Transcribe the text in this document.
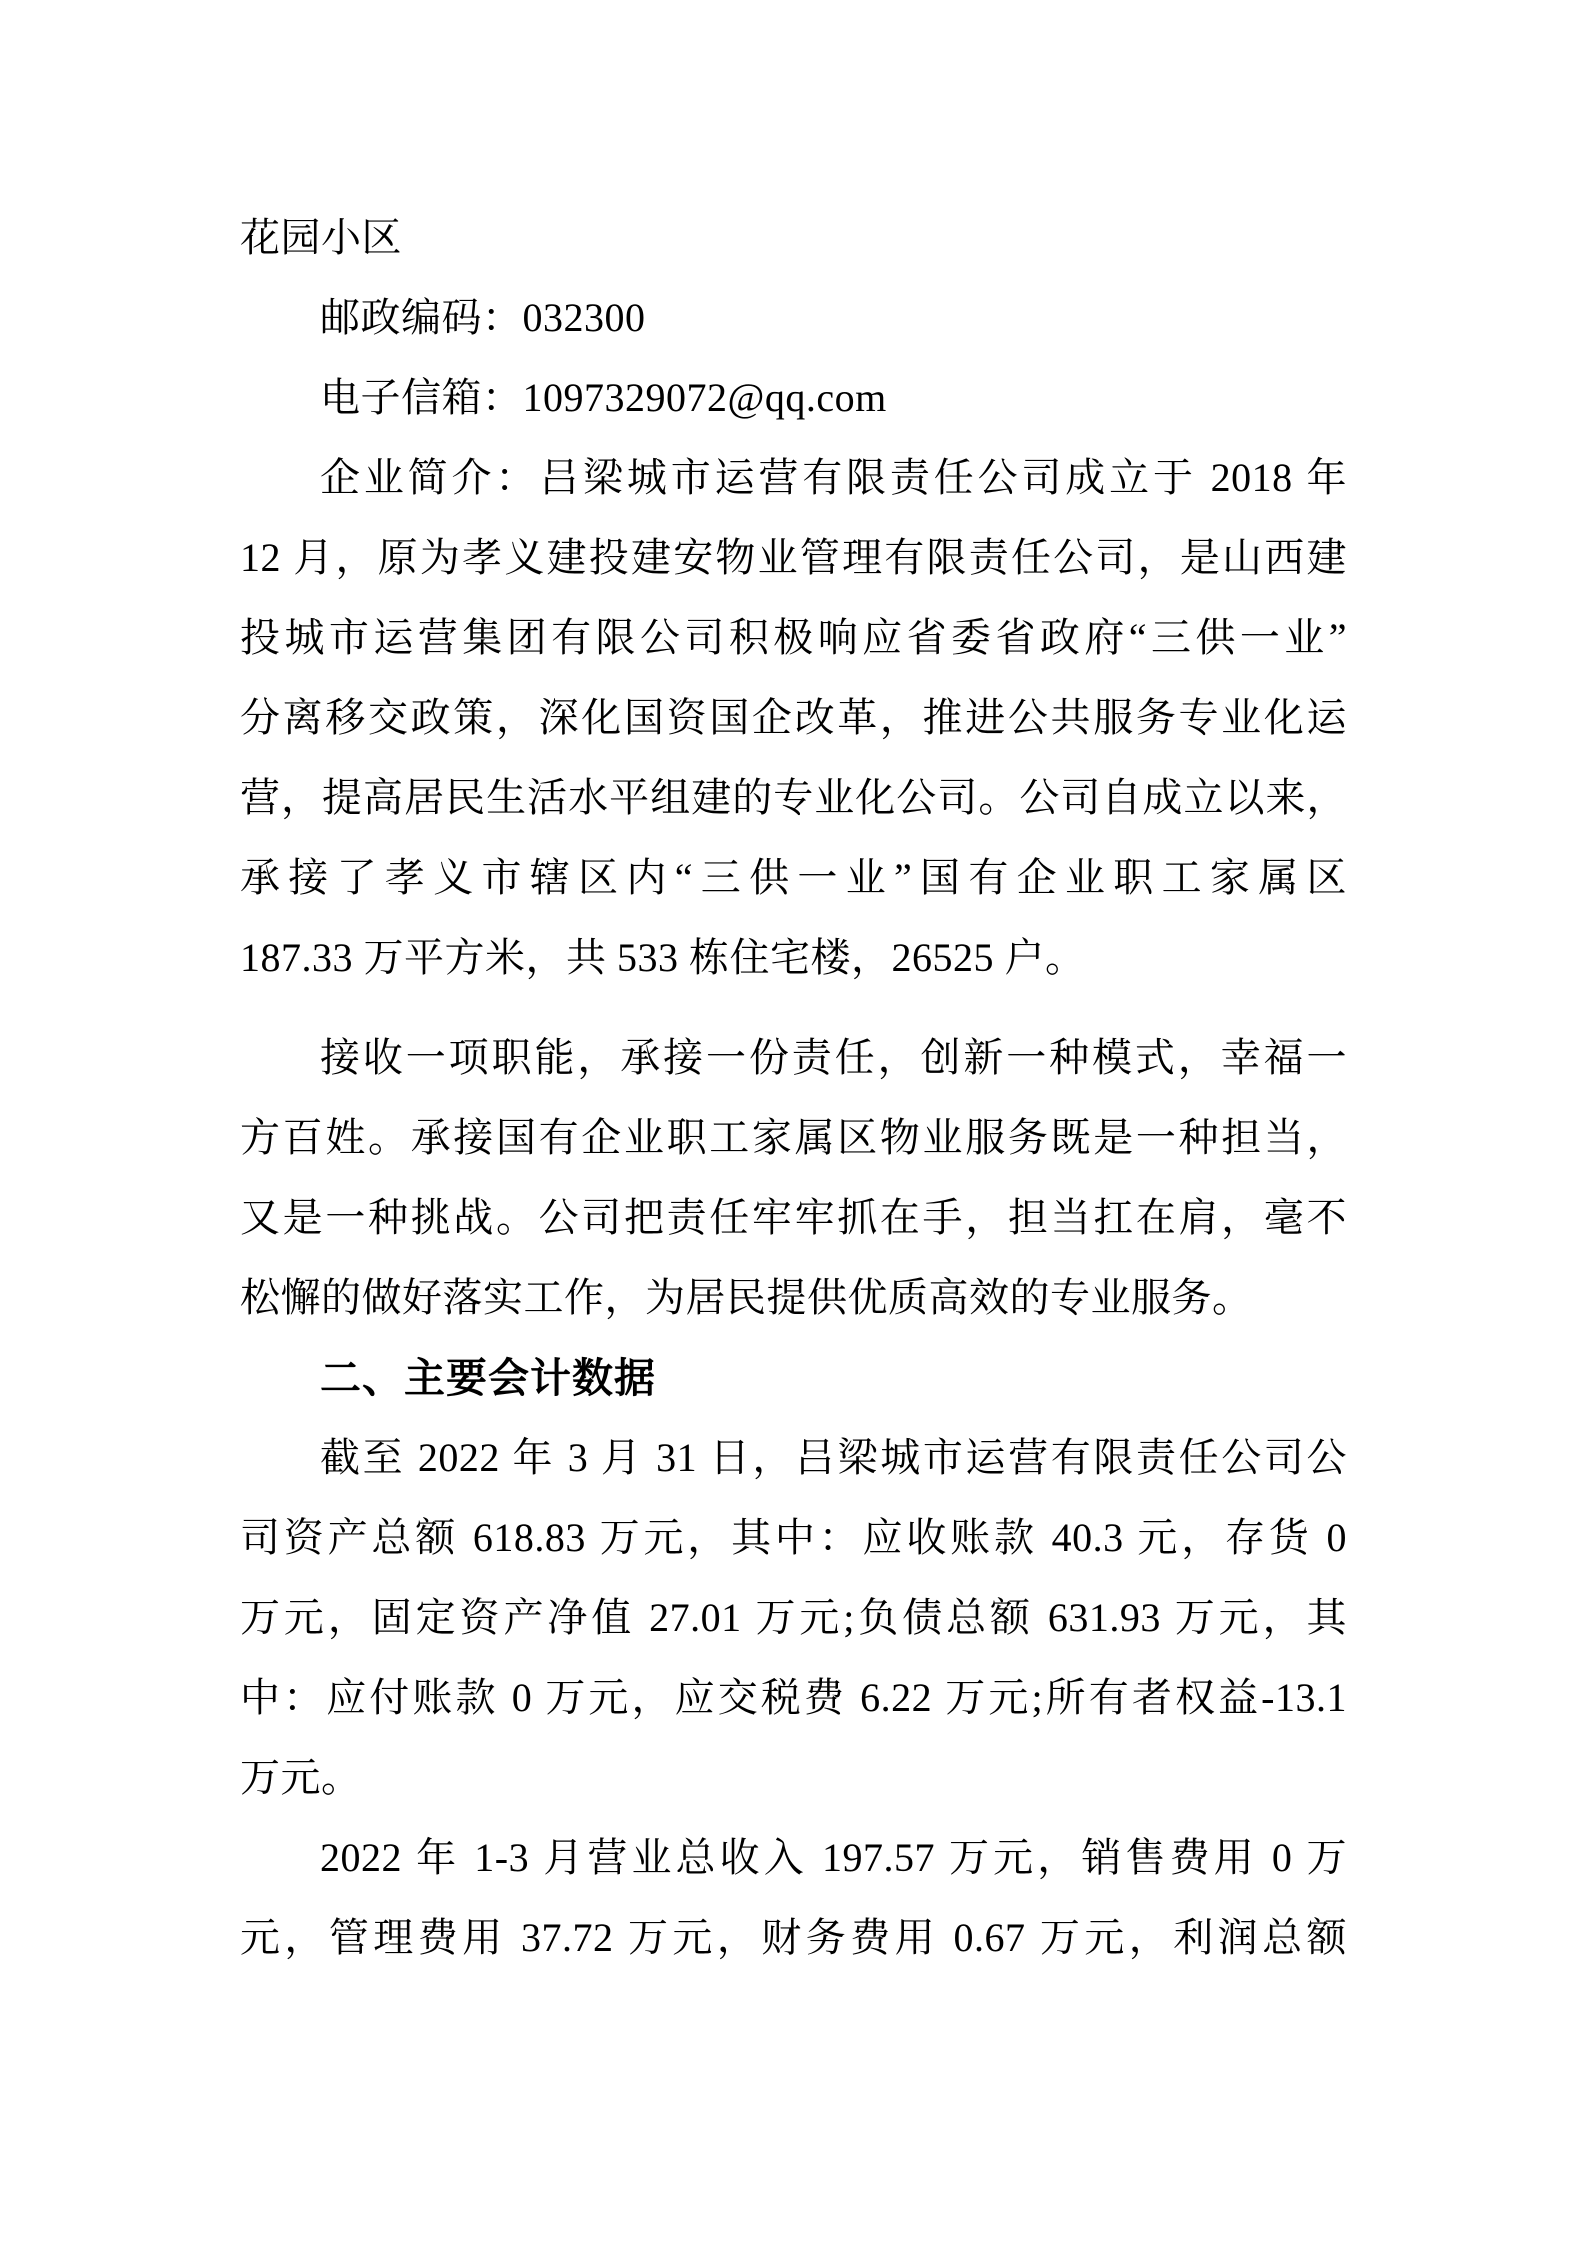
花园小区
邮政编码：032300
电子信箱：1097329072@qq.com
企业简介：吕梁城市运营有限责任公司成立于 2018 年
12 月，原为孝义建投建安物业管理有限责任公司，是山西建
投城市运营集团有限公司积极响应省委省政府“三供一业”
分离移交政策，深化国资国企改革，推进公共服务专业化运
营，提高居民生活水平组建的专业化公司。公司自成立以来，
承接了孝义市辖区内“三供一业”国有企业职工家属区
187.33 万平方米，共 533 栋住宅楼，26525 户。
接收一项职能，承接一份责任，创新一种模式，幸福一
方百姓。承接国有企业职工家属区物业服务既是一种担当，
又是一种挑战。公司把责任牢牢抓在手，担当扛在肩，毫不
松懈的做好落实工作，为居民提供优质高效的专业服务。
二、主要会计数据
截至 2022 年 3 月 31 日，吕梁城市运营有限责任公司公
司资产总额 618.83 万元，其中：应收账款 40.3 元，存货 0
万元，固定资产净值 27.01 万元;负债总额 631.93 万元，其
中：应付账款 0 万元，应交税费 6.22 万元;所有者权益-13.1
万元。
2022 年 1-3 月营业总收入 197.57 万元，销售费用 0 万
元，管理费用 37.72 万元，财务费用 0.67 万元，利润总额
